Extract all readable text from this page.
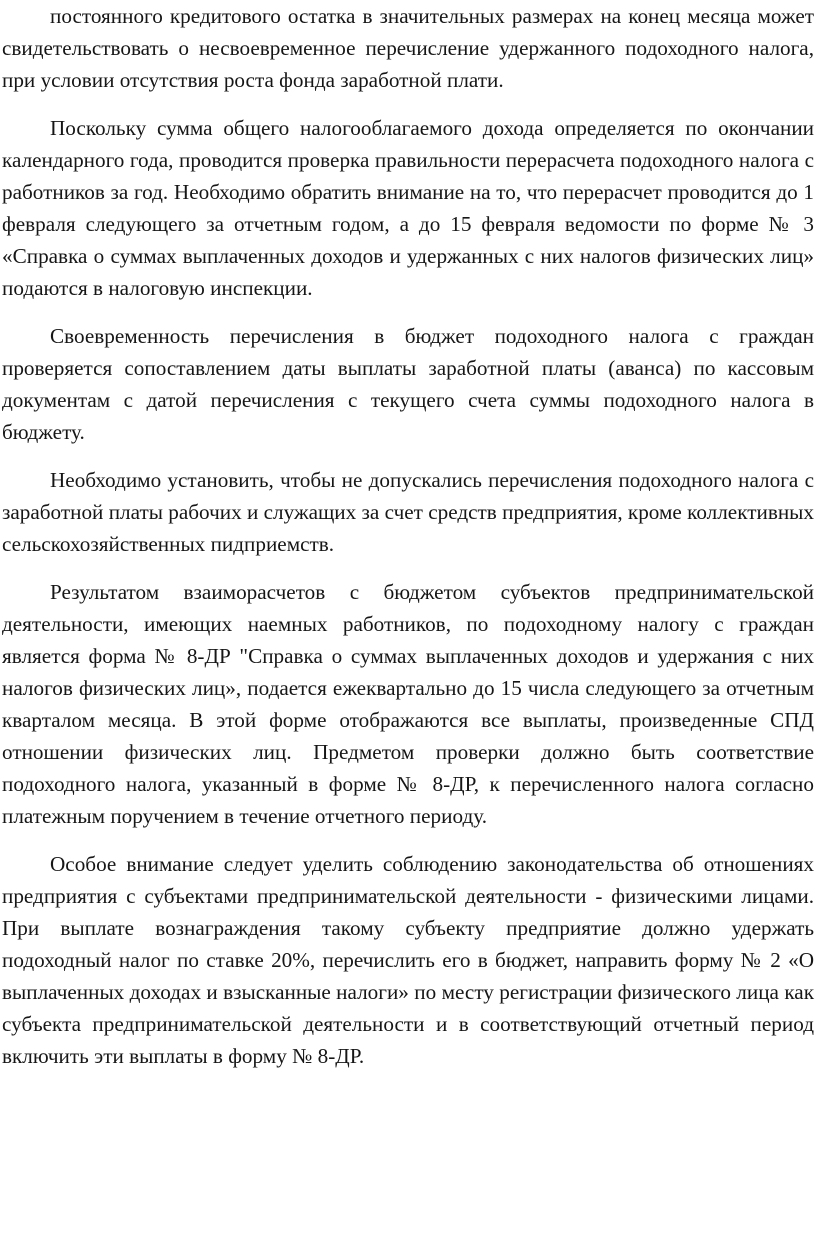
постоянного кредитового остатка в значительных размерах на конец месяца может свидетельствовать о несвоевременное перечисление удержанного подоходного налога, при условии отсутствия роста фонда заработной плати.

Поскольку сумма общего налогооблагаемого дохода определяется по окончании календарного года, проводится проверка правильности перерасчета подоходного налога с работников за год. Необходимо обратить внимание на то, что перерасчет проводится до 1 февраля следующего за отчетным годом, а до 15 февраля ведомости по форме № 3 «Справка о суммах выплаченных доходов и удержанных с них налогов физических лиц» подаются в налоговую инспекции.

Своевременность перечисления в бюджет подоходного налога с граждан проверяется сопоставлением даты выплаты заработной платы (аванса) по кассовым документам с датой перечисления с текущего счета суммы подоходного налога в бюджету.

Необходимо установить, чтобы не допускались перечисления подоходного налога с заработной платы рабочих и служащих за счет средств предприятия, кроме коллективных сельскохозяйственных пидприемств.

Результатом взаиморасчетов с бюджетом субъектов предпринимательской деятельности, имеющих наемных работников, по подоходному налогу с граждан является форма № 8-ДР "Справка о суммах выплаченных доходов и удержания с них налогов физических лиц», подается ежеквартально до 15 числа следующего за отчетным кварталом месяца. В этой форме отображаются все выплаты, произведенные СПД отношении физических лиц. Предметом проверки должно быть соответствие подоходного налога, указанный в форме № 8-ДР, к перечисленного налога согласно платежным поручением в течение отчетного периоду.

Особое внимание следует уделить соблюдению законодательства об отношениях предприятия с субъектами предпринимательской деятельности - физическими лицами. При выплате вознаграждения такому субъекту предприятие должно удержать подоходный налог по ставке 20%, перечислить его в бюджет, направить форму № 2 «О выплаченных доходах и взысканные налоги» по месту регистрации физического лица как субъекта предпринимательской деятельности и в соответствующий отчетный период включить эти выплаты в форму № 8-ДР.
